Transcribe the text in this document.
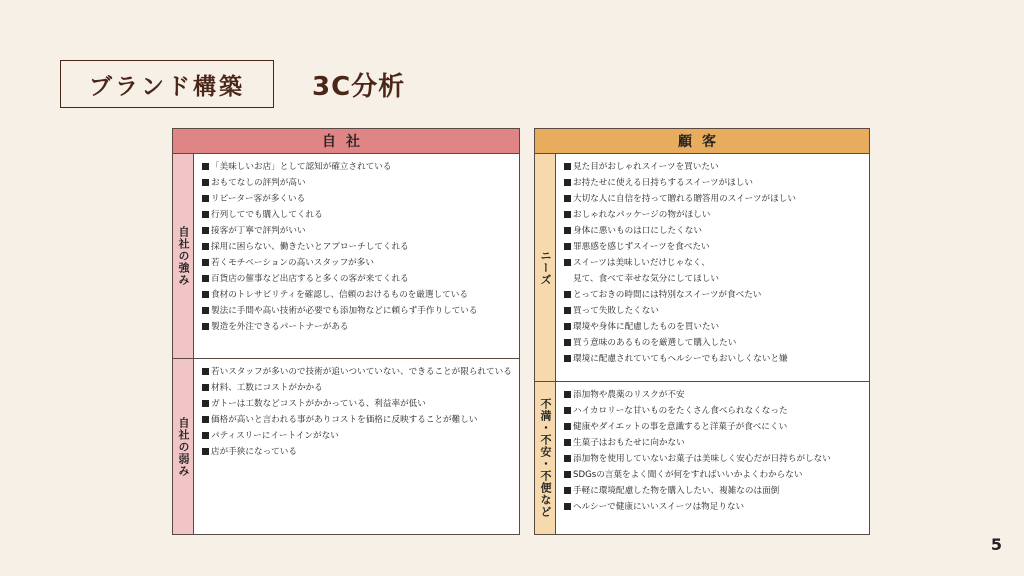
ブランド構築	3C分析
自社
自社の強み
「美味しいお店」として認知が確立されている
おもてなしの評判が高い
リピーター客が多くいる
行列してでも購入してくれる
接客が丁寧で評判がいい
採用に困らない、働きたいとアプローチしてくれる
若くモチベーションの高いスタッフが多い
百貨店の催事など出店すると多くの客が来てくれる
食材のトレサビリティを確認し、信頼のおけるものを厳選している
製法に手間や高い技術が必要でも添加物などに頼らず手作りしている
製造を外注できるパートナーがある
自社の弱み
若いスタッフが多いので技術が追いついていない、できることが限られている
材料、工数にコストがかかる
ガトーは工数などコストがかかっている、利益率が低い
価格が高いと言われる事がありコストを価格に反映することが難しい
パティスリーにイートインがない
店が手狭になっている
顧客
ニーズ
見た目がおしゃれスイーツを買いたい
お持たせに使える日持ちするスイーツがほしい
大切な人に自信を持って贈れる贈答用のスイーツがほしい
おしゃれなパッケージの物がほしい
身体に悪いものは口にしたくない
罪悪感を感じずスイーツを食べたい
スイーツは美味しいだけじゃなく、
見て、食べて幸せな気分にしてほしい
とっておきの時間には特別なスイーツが食べたい
買って失敗したくない
環境や身体に配慮したものを買いたい
買う意味のあるものを厳選して購入したい
環境に配慮されていてもヘルシーでもおいしくないと嫌
不満・不安・不便など
添加物や農薬のリスクが不安
ハイカロリーな甘いものをたくさん食べられなくなった
健康やダイエットの事を意識すると洋菓子が食べにくい
生菓子はおもたせに向かない
添加物を使用していないお菓子は美味しく安心だが日持ちがしない
SDGsの言葉をよく聞くが何をすればいいかよくわからない
手軽に環境配慮した物を購入したい、複雑なのは面倒
ヘルシーで健康にいいスイーツは物足りない
5
